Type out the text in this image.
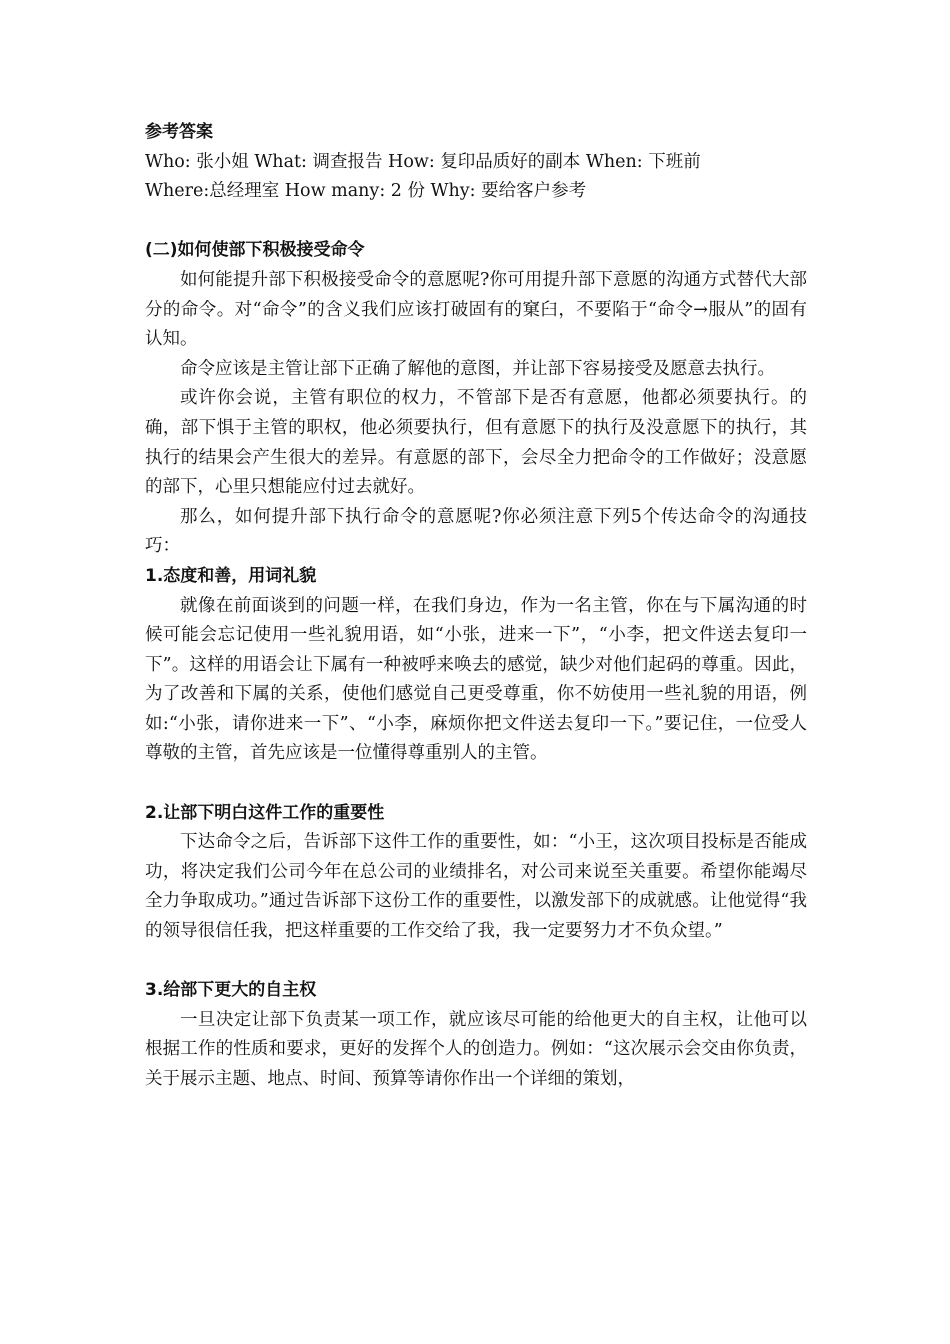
参考答案
Who: 张小姐 What: 调查报告 How: 复印品质好的副本 When: 下班前
Where:总经理室 How many: 2 份 Why: 要给客户参考
(二)如何使部下积极接受命令
如何能提升部下积极接受命令的意愿呢?你可用提升部下意愿的沟通方式替代大部分的命令。对“命令”的含义我们应该打破固有的窠臼，不要陷于“命令→服从”的固有认知。
命令应该是主管让部下正确了解他的意图，并让部下容易接受及愿意去执行。
或许你会说，主管有职位的权力，不管部下是否有意愿，他都必须要执行。的确，部下惧于主管的职权，他必须要执行，但有意愿下的执行及没意愿下的执行，其执行的结果会产生很大的差异。有意愿的部下，会尽全力把命令的工作做好；没意愿的部下，心里只想能应付过去就好。
那么，如何提升部下执行命令的意愿呢?你必须注意下列5个传达命令的沟通技巧：
1.态度和善，用词礼貌
就像在前面谈到的问题一样，在我们身边，作为一名主管，你在与下属沟通的时候可能会忘记使用一些礼貌用语，如“小张，进来一下”，“小李，把文件送去复印一下”。这样的用语会让下属有一种被呼来唤去的感觉，缺少对他们起码的尊重。因此，为了改善和下属的关系，使他们感觉自己更受尊重，你不妨使用一些礼貌的用语，例如:“小张，请你进来一下”、“小李，麻烦你把文件送去复印一下。”要记住，一位受人尊敬的主管，首先应该是一位懂得尊重别人的主管。
2.让部下明白这件工作的重要性
下达命令之后，告诉部下这件工作的重要性，如：“小王，这次项目投标是否能成功，将决定我们公司今年在总公司的业绩排名，对公司来说至关重要。希望你能竭尽全力争取成功。”通过告诉部下这份工作的重要性，以激发部下的成就感。让他觉得“我的领导很信任我，把这样重要的工作交给了我，我一定要努力才不负众望。”
3.给部下更大的自主权
一旦决定让部下负责某一项工作，就应该尽可能的给他更大的自主权，让他可以根据工作的性质和要求，更好的发挥个人的创造力。例如：“这次展示会交由你负责，关于展示主题、地点、时间、预算等请你作出一个详细的策划，
